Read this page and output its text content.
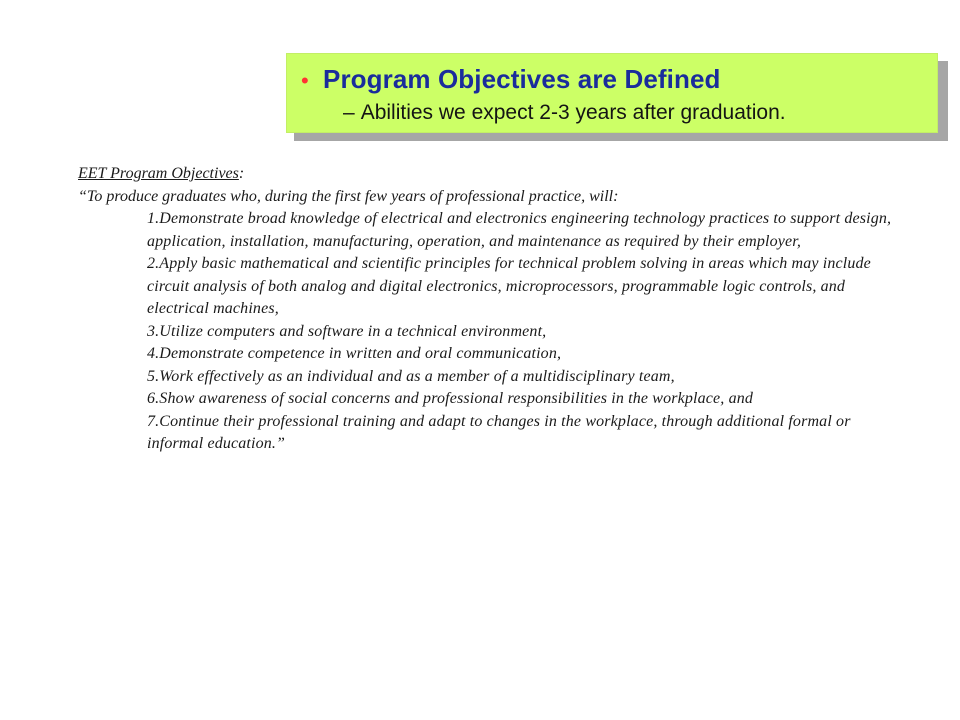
• Program Objectives are Defined
– Abilities we expect 2-3 years after graduation.
EET Program Objectives:
“To produce graduates who, during the first few years of professional practice, will:
1.Demonstrate broad knowledge of electrical and electronics engineering technology practices to support design, application, installation, manufacturing, operation, and maintenance as required by their employer,
2.Apply basic mathematical and scientific principles for technical problem solving in areas which may include circuit analysis of both analog and digital electronics, microprocessors, programmable logic controls, and electrical machines,
3.Utilize computers and software in a technical environment,
4.Demonstrate competence in written and oral communication,
5.Work effectively as an individual and as a member of a multidisciplinary team,
6.Show awareness of social concerns and professional responsibilities in the workplace, and
7.Continue their professional training and adapt to changes in the workplace, through additional formal or informal education.”
